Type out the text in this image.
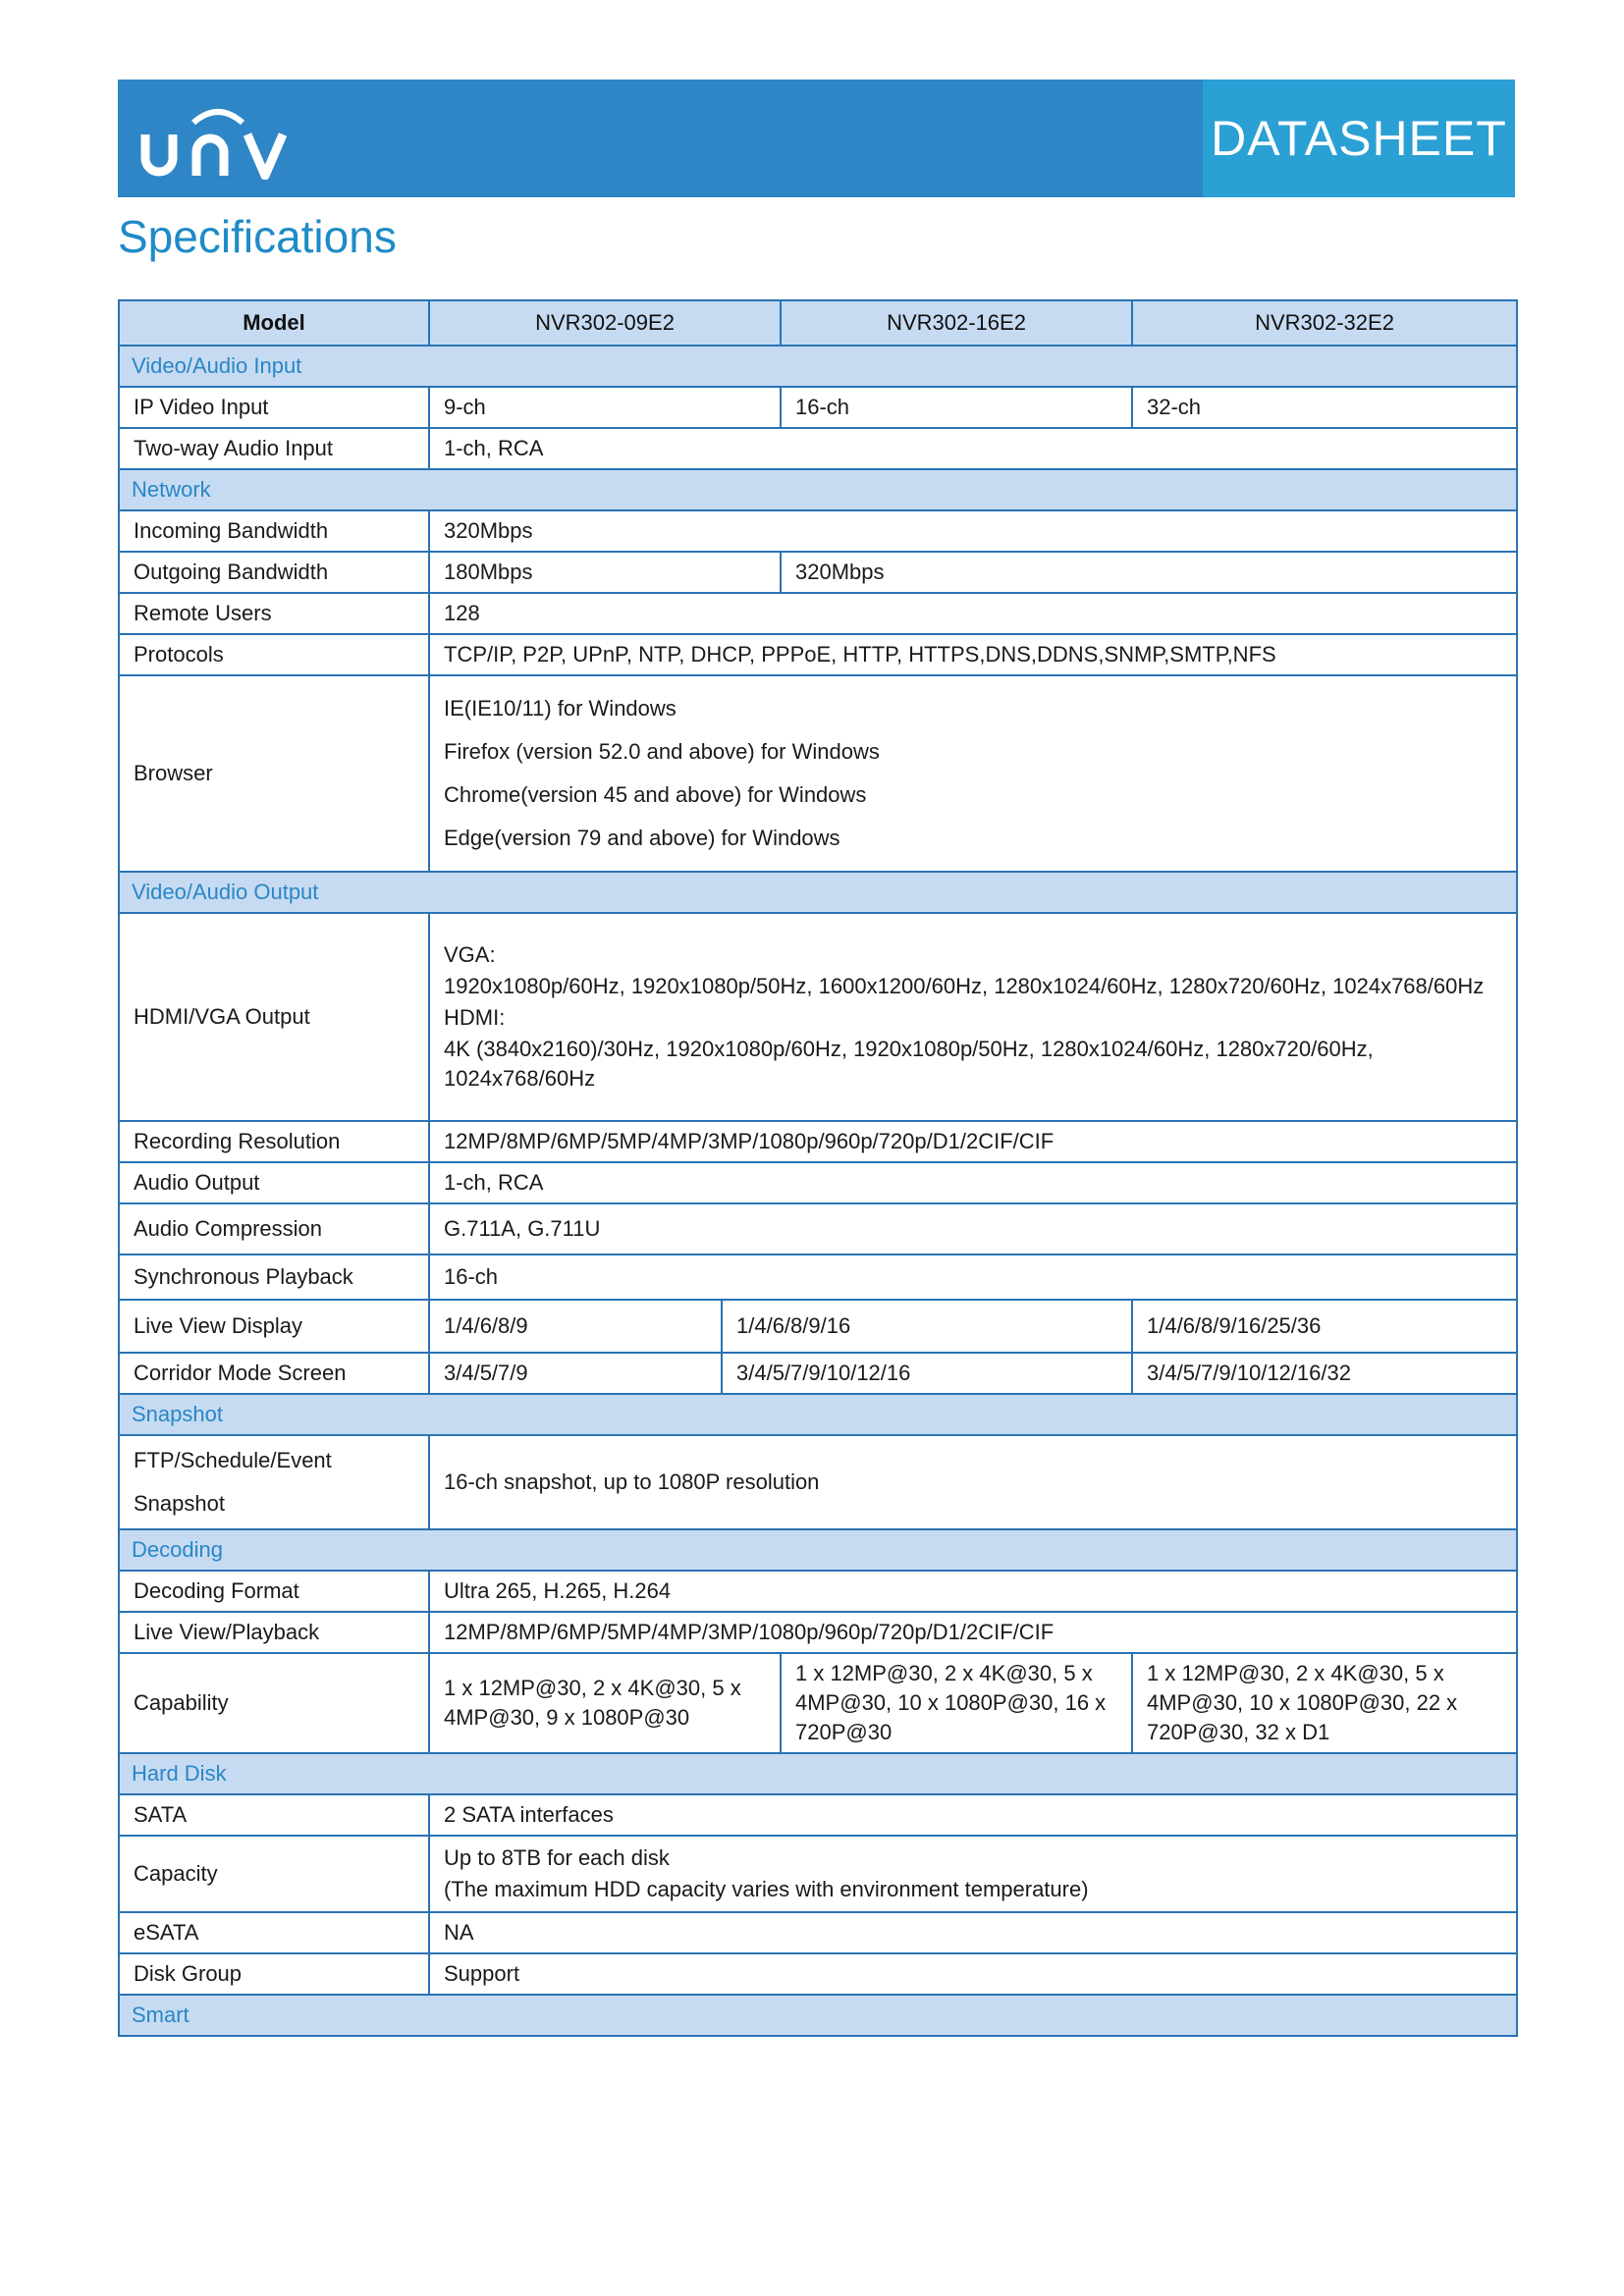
DATASHEET
Specifications
Model	NVR302-09E2		NVR302-16E2	NVR302-32E2
Video/Audio Input				
IP Video Input	9-ch		16-ch	32-ch
Two-way Audio Input	1-ch, RCA			
Network				
Incoming Bandwidth	320Mbps			
Outgoing Bandwidth	180Mbps		320Mbps	
Remote Users	128			
Protocols	TCP/IP, P2P, UPnP, NTP, DHCP, PPPoE, HTTP, HTTPS,DNS,DDNS,SNMP,SMTP,NFS			
Browser	IE(IE10/11) for Windows
Firefox (version 52.0 and above) for Windows
Chrome(version 45 and above) for Windows
Edge(version 79 and above) for Windows			

Video/Audio Output				
HDMI/VGA Output	VGA:
1920x1080p/60Hz, 1920x1080p/50Hz, 1600x1200/60Hz, 1280x1024/60Hz, 1280x720/60Hz, 1024x768/60Hz
HDMI:
4K (3840x2160)/30Hz, 1920x1080p/60Hz, 1920x1080p/50Hz, 1280x1024/60Hz, 1280x720/60Hz, 1024x768/60Hz			

Recording Resolution	12MP/8MP/6MP/5MP/4MP/3MP/1080p/960p/720p/D1/2CIF/CIF			
Audio Output	1-ch, RCA			
Audio Compression	G.711A, G.711U			
Synchronous Playback	16-ch			
Live View Display	1/4/6/8/9	1/4/6/8/9/16		1/4/6/8/9/16/25/36
Corridor Mode Screen	3/4/5/7/9	3/4/5/7/9/10/12/16		3/4/5/7/9/10/12/16/32
Snapshot				

FTP/Schedule/Event
Snapshot	16-ch snapshot, up to 1080P resolution			
Decoding				
Decoding Format	Ultra 265, H.265, H.264			
Live View/Playback	12MP/8MP/6MP/5MP/4MP/3MP/1080p/960p/720p/D1/2CIF/CIF			
Capability	1 x 12MP@30, 2 x 4K@30, 5 x 4MP@30, 9 x 1080P@30		1 x 12MP@30, 2 x 4K@30, 5 x 4MP@30, 10 x 1080P@30, 16 x 720P@30	1 x 12MP@30, 2 x 4K@30, 5 x 4MP@30, 10 x 1080P@30, 22 x 720P@30, 32 x D1
Hard Disk				
SATA	2 SATA interfaces			
Capacity	Up to 8TB for each disk
(The maximum HDD capacity varies with environment temperature)			

eSATA	NA			
Disk Group	Support			
Smart				
